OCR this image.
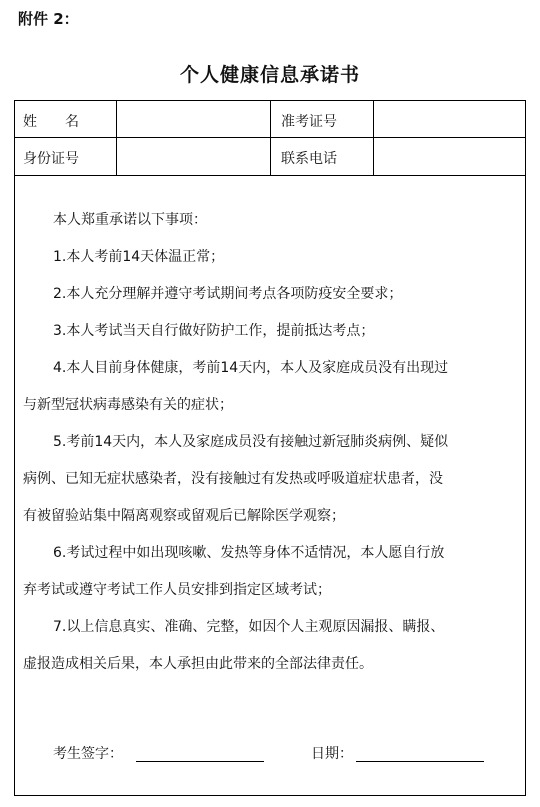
附件 2：
个人健康信息承诺书
姓　　名	准考证号
身份证号	联系电话
本人郑重承诺以下事项：
1.本人考前14天体温正常；
2.本人充分理解并遵守考试期间考点各项防疫安全要求；
3.本人考试当天自行做好防护工作，提前抵达考点；
4.本人目前身体健康，考前14天内，本人及家庭成员没有出现过
与新型冠状病毒感染有关的症状；
5.考前14天内，本人及家庭成员没有接触过新冠肺炎病例、疑似
病例、已知无症状感染者，没有接触过有发热或呼吸道症状患者，没
有被留验站集中隔离观察或留观后已解除医学观察；
6.考试过程中如出现咳嗽、发热等身体不适情况，本人愿自行放
弃考试或遵守考试工作人员安排到指定区域考试；
7.以上信息真实、准确、完整，如因个人主观原因漏报、瞒报、
虚报造成相关后果，本人承担由此带来的全部法律责任。
考生签字：	日期：
